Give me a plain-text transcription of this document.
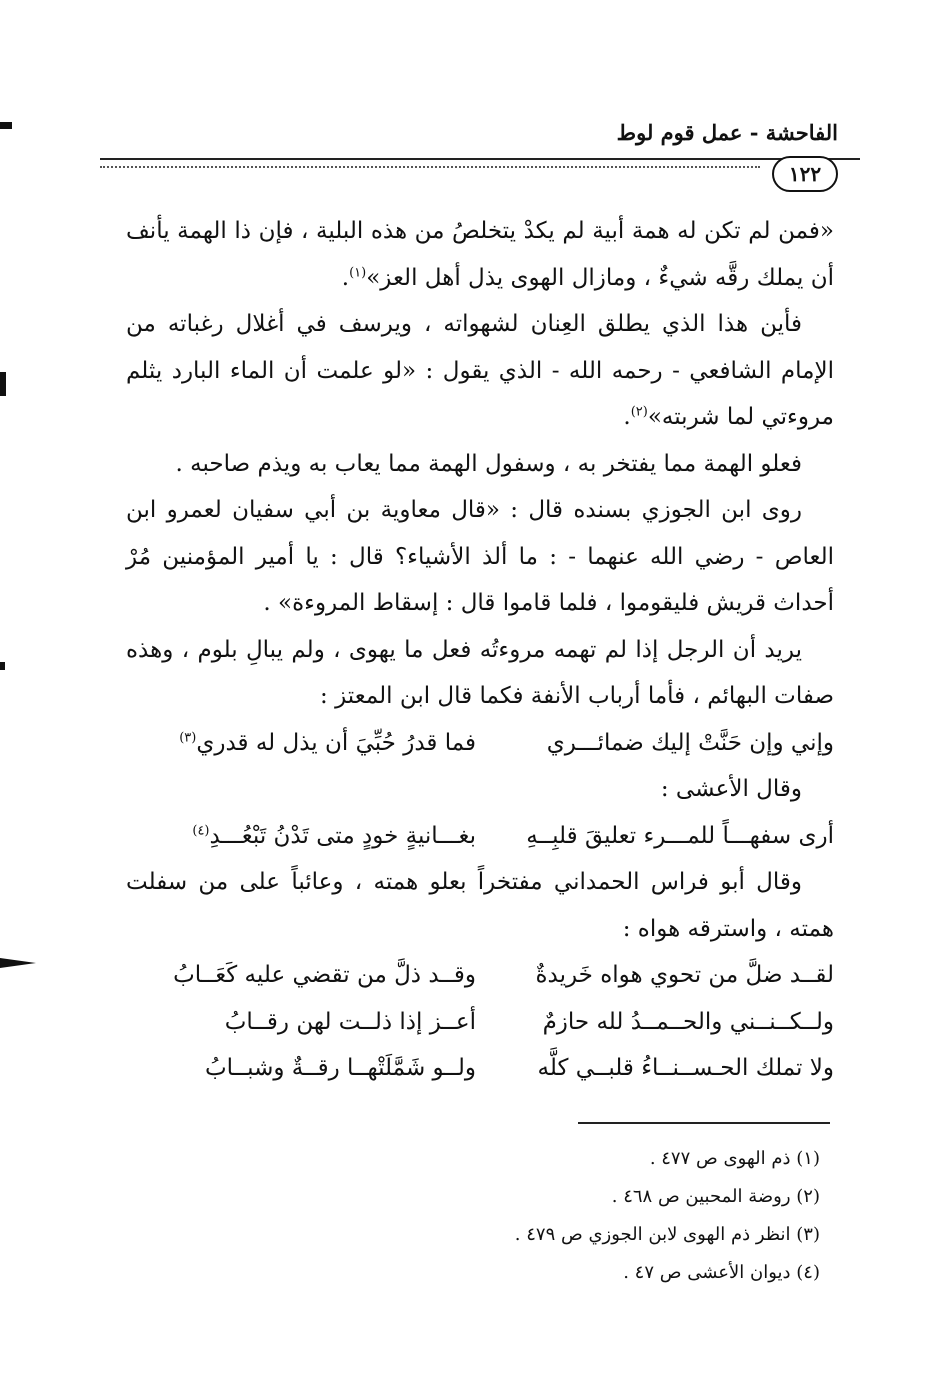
الفاحشة - عمل قوم لوط
١٢٢

«فمن لم تكن له همة أبية لم يكدْ يتخلصُ من هذه البلية ، فإن ذا الهمة يأنف أن يملك رقَّه شيءٌ ، ومازال الهوى يذل أهل العز»$^{(١)}$.

فأين هذا الذي يطلق العِنان لشهواته ، ويرسف في أغلال رغباته من الإمام الشافعي - رحمه الله - الذي يقول : «لو علمت أن الماء البارد يثلم مروءتي لما شربته»$^{(٢)}$.

فعلو الهمة مما يفتخر به ، وسفول الهمة مما يعاب به ويذم صاحبه .

روى ابن الجوزي بسنده قال : «قال معاوية بن أبي سفيان لعمرو ابن العاص - رضي الله عنهما - : ما ألذ الأشياء؟ قال : يا أمير المؤمنين مُرْ أحداث قريش فليقوموا ، فلما قاموا قال : إسقاط المروءة» .

يريد أن الرجل إذا لم تهمه مروءتُه فعل ما يهوى ، ولم يبالِ بلوم ، وهذه صفات البهائم ، فأما أرباب الأنفة فكما قال ابن المعتز :

وإني وإن حَنَّتْ إليك ضمائـــري
فما قدرُ حُبِّيَ أن يذل له قدري$^{(٣)}$

وقال الأعشى :

أرى سفهـــاً للمـــرء تعليقَ قلبِــهِ
بغـــانيةٍ خودٍ متى تَدْنُ تَبْعُـــدِ$^{(٤)}$

وقال أبو فراس الحمداني مفتخراً بعلو همته ، وعائباً على من سفلت همته ، واسترقه هواه :

لقــد ضلَّ من تحوي هواه خَريدةٌ
وقــد ذلَّ من تقضي عليه كَعَــابُ
ولــكــنــني والحــمــدُ لله حازمٌ
أعــز إذا ذلــت لهن رقــابُ
ولا تملك الحـســنــاءُ قلبــي كلَّه
ولــو شَمَّلَتْهــا رقــةٌ وشبــابُ
(١) ذم الهوى ص ٤٧٧ .
(٢) روضة المحبين ص ٤٦٨ .
(٣) انظر ذم الهوى لابن الجوزي ص ٤٧٩ .
(٤) ديوان الأعشى ص ٤٧ .
